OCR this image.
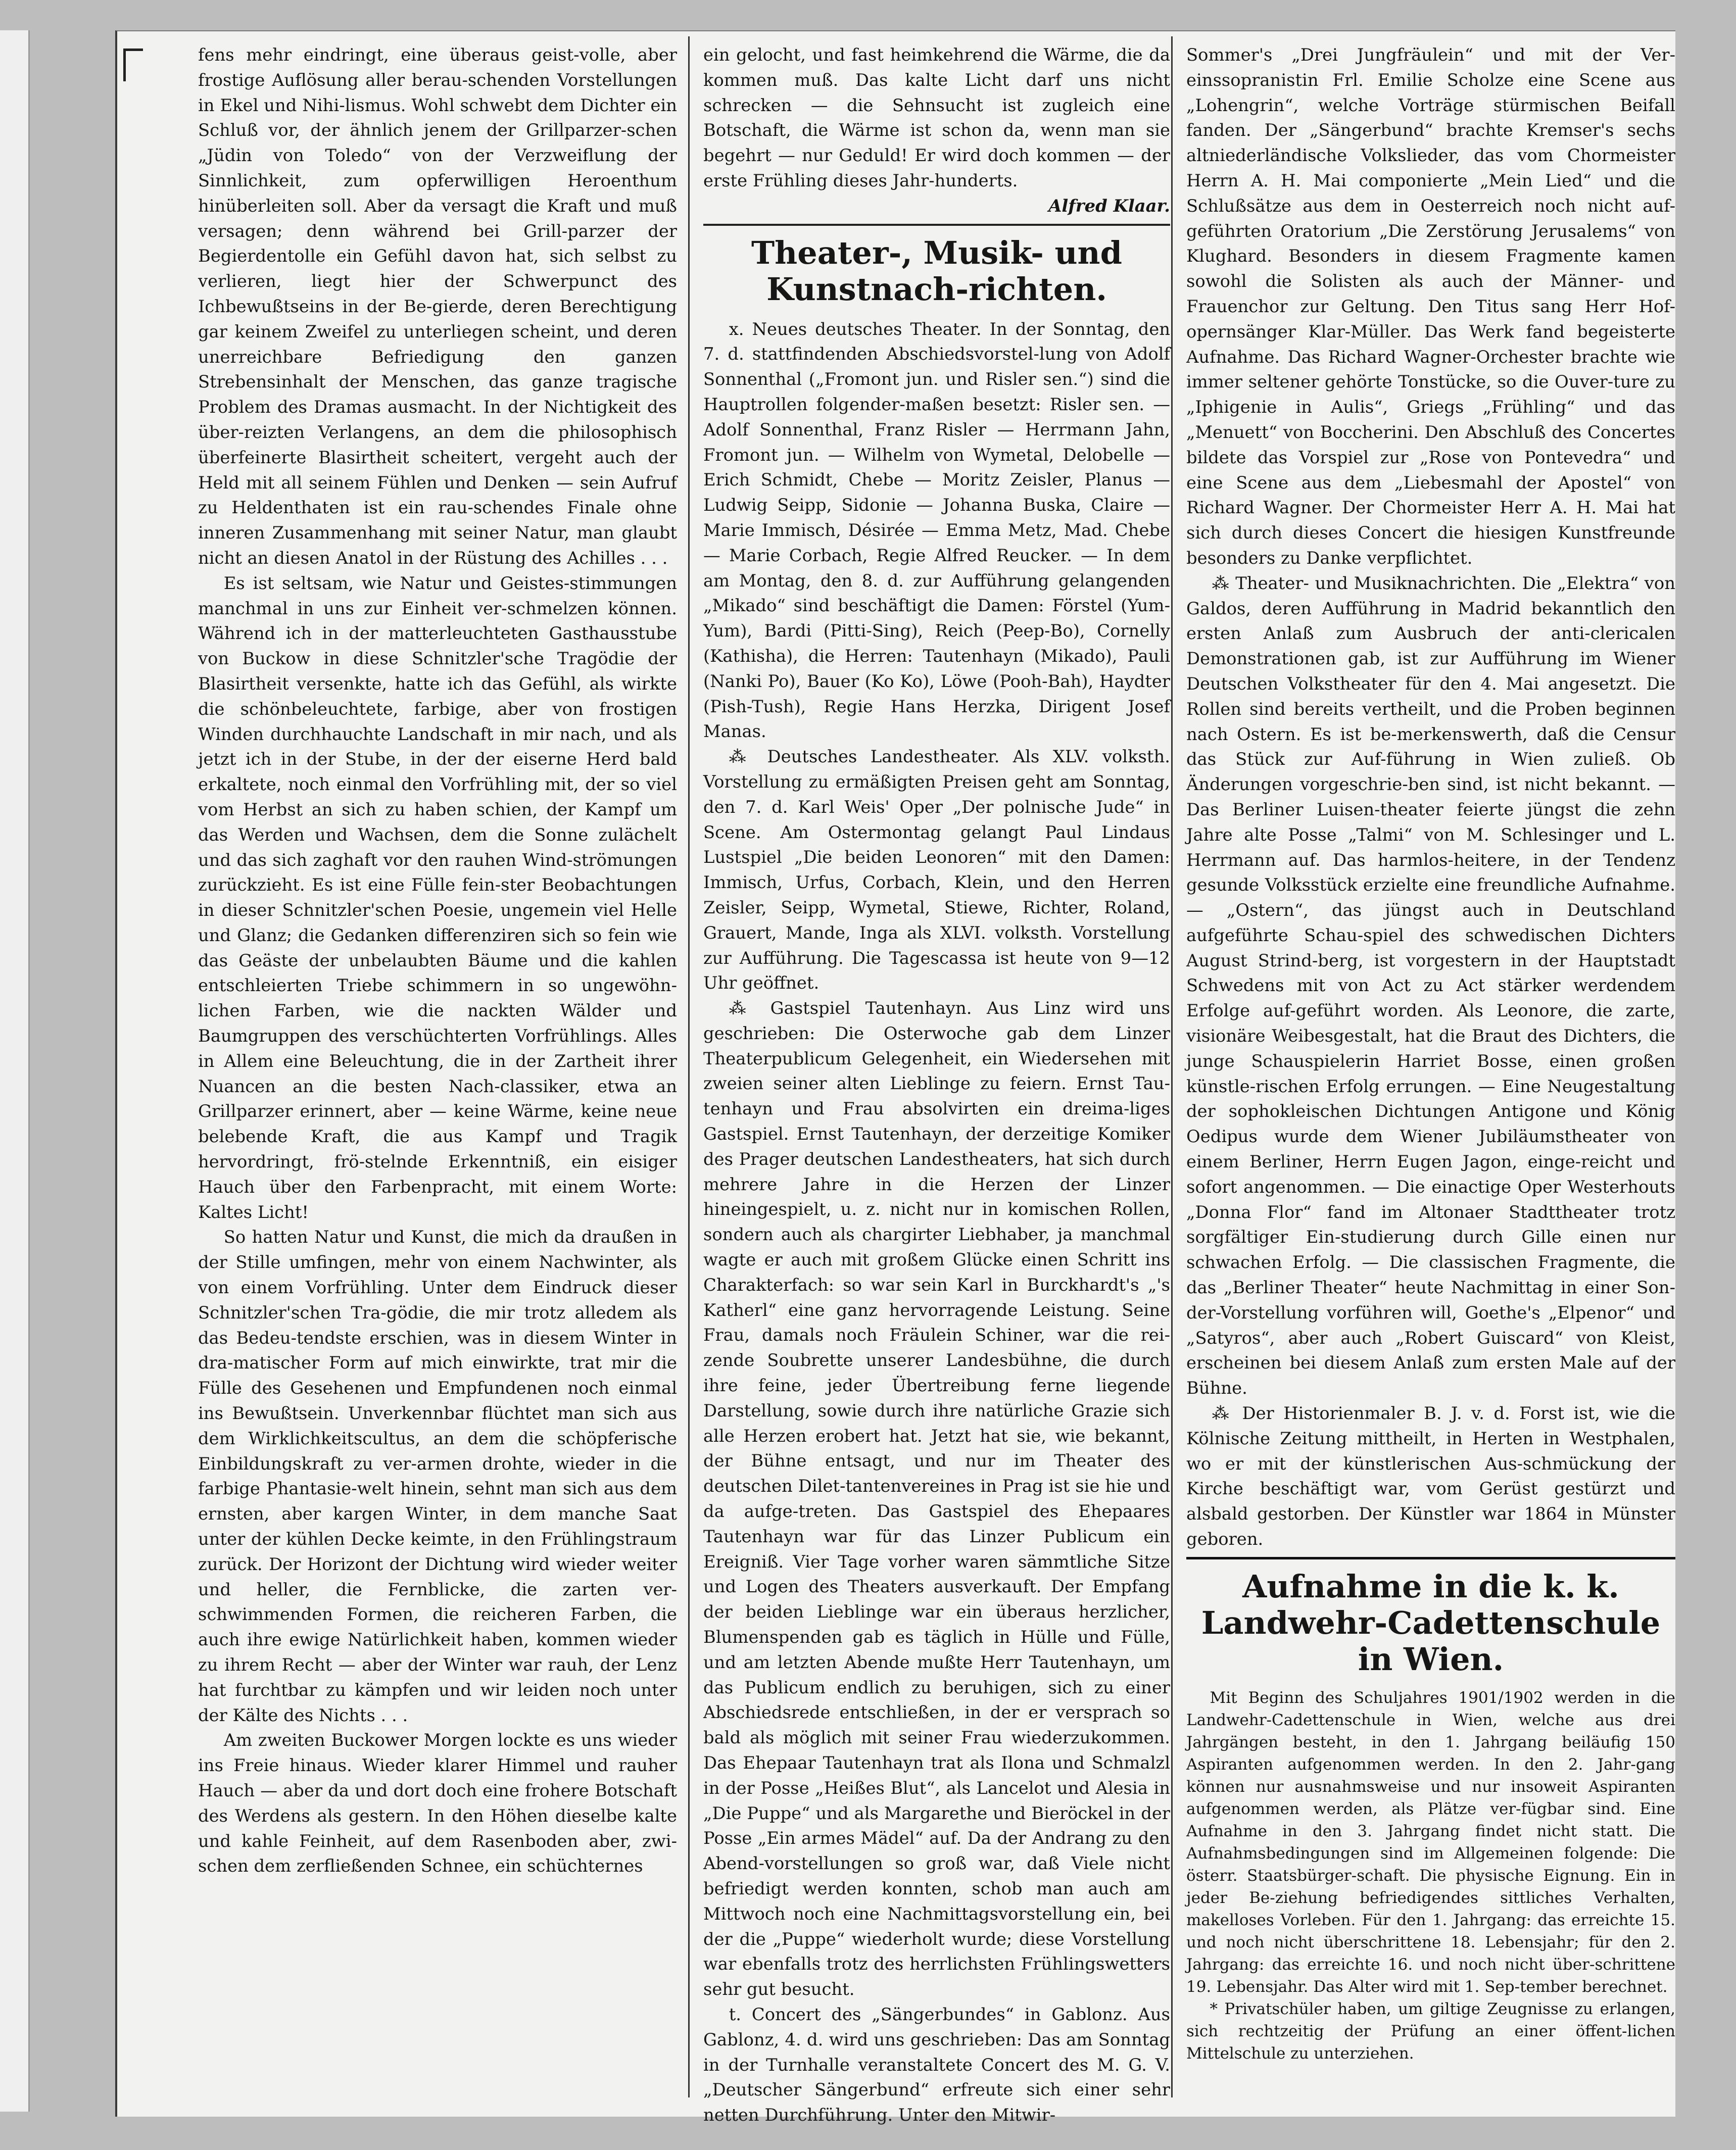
fens mehr eindringt, eine überaus geist-volle, aber frostige Auflösung aller berau-schenden Vorstellungen in Ekel und Nihi-lismus. Wohl schwebt dem Dichter ein Schluß vor, der ähnlich jenem der Grillparzer-schen „Jüdin von Toledo“ von der Verzweiflung der Sinnlichkeit, zum opferwilligen Heroenthum hinüberleiten soll. Aber da versagt die Kraft und muß versagen; denn während bei Grill-parzer der Begierdentolle ein Gefühl davon hat, sich selbst zu verlieren, liegt hier der Schwerpunct des Ichbewußtseins in der Be-gierde, deren Berechtigung gar keinem Zweifel zu unterliegen scheint, und deren unerreichbare Befriedigung den ganzen Strebensinhalt der Menschen, das ganze tragische Problem des Dramas ausmacht. In der Nichtigkeit des über-reizten Verlangens, an dem die philosophisch überfeinerte Blasirtheit scheitert, vergeht auch der Held mit all seinem Fühlen und Denken — sein Aufruf zu Heldenthaten ist ein rau-schendes Finale ohne inneren Zusammenhang mit seiner Natur, man glaubt nicht an diesen Anatol in der Rüstung des Achilles . . .

Es ist seltsam, wie Natur und Geistes-stimmungen manchmal in uns zur Einheit ver-schmelzen können. Während ich in der matterleuchteten Gasthausstube von Buckow in diese Schnitzler'sche Tragödie der Blasirtheit versenkte, hatte ich das Gefühl, als wirkte die schönbeleuchtete, farbige, aber von frostigen Winden durchhauchte Landschaft in mir nach, und als jetzt ich in der Stube, in der der eiserne Herd bald erkaltete, noch einmal den Vorfrühling mit, der so viel vom Herbst an sich zu haben schien, der Kampf um das Werden und Wachsen, dem die Sonne zulächelt und das sich zaghaft vor den rauhen Wind-strömungen zurückzieht. Es ist eine Fülle fein-ster Beobachtungen in dieser Schnitzler'schen Poesie, ungemein viel Helle und Glanz; die Gedanken differenziren sich so fein wie das Geäste der unbelaubten Bäume und die kahlen entschleierten Triebe schimmern in so ungewöhn-lichen Farben, wie die nackten Wälder und Baumgruppen des verschüchterten Vorfrühlings. Alles in Allem eine Beleuchtung, die in der Zartheit ihrer Nuancen an die besten Nach-classiker, etwa an Grillparzer erinnert, aber — keine Wärme, keine neue belebende Kraft, die aus Kampf und Tragik hervordringt, frö-stelnde Erkenntniß, ein eisiger Hauch über den Farbenpracht, mit einem Worte: Kaltes Licht!

So hatten Natur und Kunst, die mich da draußen in der Stille umfingen, mehr von einem Nachwinter, als von einem Vorfrühling. Unter dem Eindruck dieser Schnitzler'schen Tra-gödie, die mir trotz alledem als das Bedeu-tendste erschien, was in diesem Winter in dra-matischer Form auf mich einwirkte, trat mir die Fülle des Gesehenen und Empfundenen noch einmal ins Bewußtsein. Unverkennbar flüchtet man sich aus dem Wirklichkeitscultus, an dem die schöpferische Einbildungskraft zu ver-armen drohte, wieder in die farbige Phantasie-welt hinein, sehnt man sich aus dem ernsten, aber kargen Winter, in dem manche Saat unter der kühlen Decke keimte, in den Frühlingstraum zurück. Der Horizont der Dichtung wird wieder weiter und heller, die Fernblicke, die zarten ver-schwimmenden Formen, die reicheren Farben, die auch ihre ewige Natürlichkeit haben, kommen wieder zu ihrem Recht — aber der Winter war rauh, der Lenz hat furchtbar zu kämpfen und wir leiden noch unter der Kälte des Nichts . . .

Am zweiten Buckower Morgen lockte es uns wieder ins Freie hinaus. Wieder klarer Himmel und rauher Hauch — aber da und dort doch eine frohere Botschaft des Werdens als gestern. In den Höhen dieselbe kalte und kahle Feinheit, auf dem Rasenboden aber, zwi-schen dem zerfließenden Schnee, ein schüchternes

ein gelocht, und fast heimkehrend die Wärme, die da kommen muß. Das kalte Licht darf uns nicht schrecken — die Sehnsucht ist zugleich eine Botschaft, die Wärme ist schon da, wenn man sie begehrt — nur Geduld! Er wird doch kommen — der erste Frühling dieses Jahr-hunderts.

Alfred Klaar.

Theater-, Musik- und Kunstnach-richten.

x. Neues deutsches Theater. In der Sonntag, den 7. d. stattfindenden Abschiedsvorstel-lung von Adolf Sonnenthal („Fromont jun. und Risler sen.“) sind die Hauptrollen folgender-maßen besetzt: Risler sen. — Adolf Sonnenthal, Franz Risler — Herrmann Jahn, Fromont jun. — Wilhelm von Wymetal, Delobelle — Erich Schmidt, Chebe — Moritz Zeisler, Planus — Ludwig Seipp, Sidonie — Johanna Buska, Claire — Marie Immisch, Désirée — Emma Metz, Mad. Chebe — Marie Corbach, Regie Alfred Reucker. — In dem am Montag, den 8. d. zur Aufführung gelangenden „Mikado“ sind beschäftigt die Damen: Förstel (Yum-Yum), Bardi (Pitti-Sing), Reich (Peep-Bo), Cornelly (Kathisha), die Herren: Tautenhayn (Mikado), Pauli (Nanki Po), Bauer (Ko Ko), Löwe (Pooh-Bah), Haydter (Pish-Tush), Regie Hans Herzka, Dirigent Josef Manas.

⁂ Deutsches Landestheater. Als XLV. volksth. Vorstellung zu ermäßigten Preisen geht am Sonntag, den 7. d. Karl Weis' Oper „Der polnische Jude“ in Scene. Am Ostermontag gelangt Paul Lindaus Lustspiel „Die beiden Leonoren“ mit den Damen: Immisch, Urfus, Corbach, Klein, und den Herren Zeisler, Seipp, Wymetal, Stiewe, Richter, Roland, Grauert, Mande, Inga als XLVI. volksth. Vorstellung zur Aufführung. Die Tagescassa ist heute von 9—12 Uhr geöffnet.

⁂ Gastspiel Tautenhayn. Aus Linz wird uns geschrieben: Die Osterwoche gab dem Linzer Theaterpublicum Gelegenheit, ein Wiedersehen mit zweien seiner alten Lieblinge zu feiern. Ernst Tau-tenhayn und Frau absolvirten ein dreima-liges Gastspiel. Ernst Tautenhayn, der derzeitige Komiker des Prager deutschen Landestheaters, hat sich durch mehrere Jahre in die Herzen der Linzer hineingespielt, u. z. nicht nur in komischen Rollen, sondern auch als chargirter Liebhaber, ja manchmal wagte er auch mit großem Glücke einen Schritt ins Charakterfach: so war sein Karl in Burckhardt's „'s Katherl“ eine ganz hervorragende Leistung. Seine Frau, damals noch Fräulein Schiner, war die rei-zende Soubrette unserer Landesbühne, die durch ihre feine, jeder Übertreibung ferne liegende Darstellung, sowie durch ihre natürliche Grazie sich alle Herzen erobert hat. Jetzt hat sie, wie bekannt, der Bühne entsagt, und nur im Theater des deutschen Dilet-tantenvereines in Prag ist sie hie und da aufge-treten. Das Gastspiel des Ehepaares Tautenhayn war für das Linzer Publicum ein Ereigniß. Vier Tage vorher waren sämmtliche Sitze und Logen des Theaters ausverkauft. Der Empfang der beiden Lieblinge war ein überaus herzlicher, Blumenspenden gab es täglich in Hülle und Fülle, und am letzten Abende mußte Herr Tautenhayn, um das Publicum endlich zu beruhigen, sich zu einer Abschiedsrede entschließen, in der er versprach so bald als möglich mit seiner Frau wiederzukommen. Das Ehepaar Tautenhayn trat als Ilona und Schmalzl in der Posse „Heißes Blut“, als Lancelot und Alesia in „Die Puppe“ und als Margarethe und Bieröckel in der Posse „Ein armes Mädel“ auf. Da der Andrang zu den Abend-vorstellungen so groß war, daß Viele nicht befriedigt werden konnten, schob man auch am Mittwoch noch eine Nachmittagsvorstellung ein, bei der die „Puppe“ wiederholt wurde; diese Vorstellung war ebenfalls trotz des herrlichsten Frühlingswetters sehr gut besucht.

t. Concert des „Sängerbundes“ in Gablonz. Aus Gablonz, 4. d. wird uns geschrieben: Das am Sonntag in der Turnhalle veranstaltete Concert des M. G. V. „Deutscher Sängerbund“ erfreute sich einer sehr netten Durchführung. Unter den Mitwir-

Sommer's „Drei Jungfräulein“ und mit der Ver-einssopranistin Frl. Emilie Scholze eine Scene aus „Lohengrin“, welche Vorträge stürmischen Beifall fanden. Der „Sängerbund“ brachte Kremser's sechs altniederländische Volkslieder, das vom Chormeister Herrn A. H. Mai componierte „Mein Lied“ und die Schlußsätze aus dem in Oesterreich noch nicht auf-geführten Oratorium „Die Zerstörung Jerusalems“ von Klughard. Besonders in diesem Fragmente kamen sowohl die Solisten als auch der Männer- und Frauenchor zur Geltung. Den Titus sang Herr Hof-opernsänger Klar-Müller. Das Werk fand begeisterte Aufnahme. Das Richard Wagner-Orchester brachte wie immer seltener gehörte Tonstücke, so die Ouver-ture zu „Iphigenie in Aulis“, Griegs „Frühling“ und das „Menuett“ von Boccherini. Den Abschluß des Concertes bildete das Vorspiel zur „Rose von Pontevedra“ und eine Scene aus dem „Liebesmahl der Apostel“ von Richard Wagner. Der Chormeister Herr A. H. Mai hat sich durch dieses Concert die hiesigen Kunstfreunde besonders zu Danke verpflichtet.

⁂ Theater- und Musiknachrichten. Die „Elektra“ von Galdos, deren Aufführung in Madrid bekanntlich den ersten Anlaß zum Ausbruch der anti-clericalen Demonstrationen gab, ist zur Aufführung im Wiener Deutschen Volkstheater für den 4. Mai angesetzt. Die Rollen sind bereits vertheilt, und die Proben beginnen nach Ostern. Es ist be-merkenswerth, daß die Censur das Stück zur Auf-führung in Wien zuließ. Ob Änderungen vorgeschrie-ben sind, ist nicht bekannt. — Das Berliner Luisen-theater feierte jüngst die zehn Jahre alte Posse „Talmi“ von M. Schlesinger und L. Herrmann auf. Das harmlos-heitere, in der Tendenz gesunde Volksstück erzielte eine freundliche Aufnahme. — „Ostern“, das jüngst auch in Deutschland aufgeführte Schau-spiel des schwedischen Dichters August Strind-berg, ist vorgestern in der Hauptstadt Schwedens mit von Act zu Act stärker werdendem Erfolge auf-geführt worden. Als Leonore, die zarte, visionäre Weibesgestalt, hat die Braut des Dichters, die junge Schauspielerin Harriet Bosse, einen großen künstle-rischen Erfolg errungen. — Eine Neugestaltung der sophokleischen Dichtungen Antigone und König Oedipus wurde dem Wiener Jubiläumstheater von einem Berliner, Herrn Eugen Jagon, einge-reicht und sofort angenommen. — Die einactige Oper Westerhouts „Donna Flor“ fand im Altonaer Stadttheater trotz sorgfältiger Ein-studierung durch Gille einen nur schwachen Erfolg. — Die classischen Fragmente, die das „Berliner Theater“ heute Nachmittag in einer Son-der-Vorstellung vorführen will, Goethe's „Elpenor“ und „Satyros“, aber auch „Robert Guiscard“ von Kleist, erscheinen bei diesem Anlaß zum ersten Male auf der Bühne.

⁂ Der Historienmaler B. J. v. d. Forst ist, wie die Kölnische Zeitung mittheilt, in Herten in Westphalen, wo er mit der künstlerischen Aus-schmückung der Kirche beschäftigt war, vom Gerüst gestürzt und alsbald gestorben. Der Künstler war 1864 in Münster geboren.

Aufnahme in die k. k. Landwehr-Cadettenschule in Wien.

Mit Beginn des Schuljahres 1901/1902 werden in die Landwehr-Cadettenschule in Wien, welche aus drei Jahrgängen besteht, in den 1. Jahrgang beiläufig 150 Aspiranten aufgenommen werden. In den 2. Jahr-gang können nur ausnahmsweise und nur insoweit Aspiranten aufgenommen werden, als Plätze ver-fügbar sind. Eine Aufnahme in den 3. Jahrgang findet nicht statt. Die Aufnahmsbedingungen sind im Allgemeinen folgende: Die österr. Staatsbürger-schaft. Die physische Eignung. Ein in jeder Be-ziehung befriedigendes sittliches Verhalten, makelloses Vorleben. Für den 1. Jahrgang: das erreichte 15. und noch nicht überschrittene 18. Lebensjahr; für den 2. Jahrgang: das erreichte 16. und noch nicht über-schrittene 19. Lebensjahr. Das Alter wird mit 1. Sep-tember berechnet.

* Privatschüler haben, um giltige Zeugnisse zu erlangen, sich rechtzeitig der Prüfung an einer öffent-lichen Mittelschule zu unterziehen.
